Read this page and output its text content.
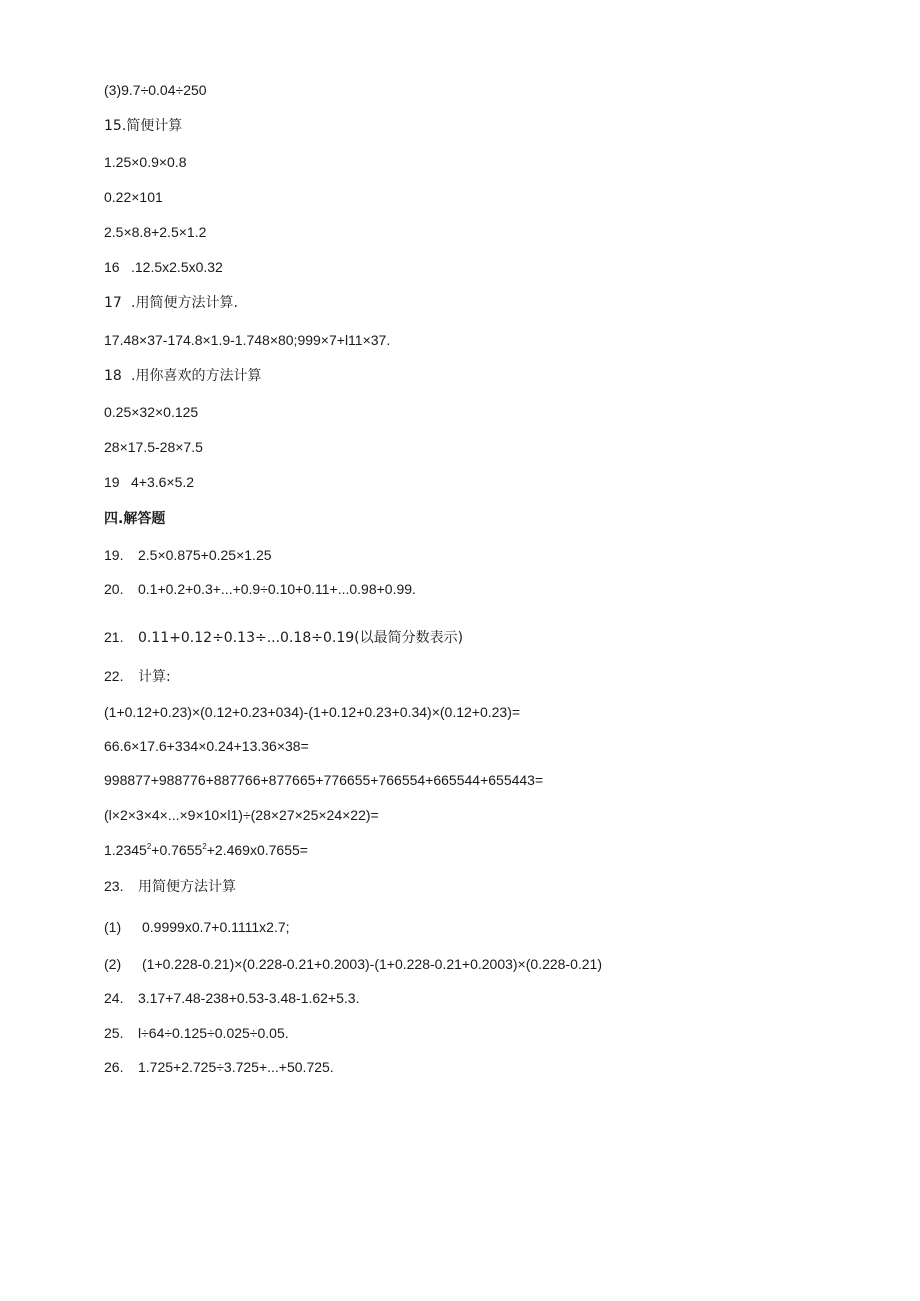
(3)9.7÷0.04÷250
15.简便计算
1.25×0.9×0.8
0.22×101
2.5×8.8+2.5×1.2
16 .12.5x2.5x0.32
17 .用简便方法计算.
17.48×37-174.8×1.9-1.748×80;999×7+l11×37.
18 .用你喜欢的方法计算
0.25×32×0.125
28×17.5-28×7.5
19 4+3.6×5.2
四.解答题
19. 2.5×0.875+0.25×1.25
20. 0.1+0.2+0.3+...+0.9÷0.10+0.11+...0.98+0.99.
21. 0.11+0.12÷0.13÷...0.18÷0.19(以最简分数表示)
22. 计算:
(1+0.12+0.23)×(0.12+0.23+034)-(1+0.12+0.23+0.34)×(0.12+0.23)=
66.6×17.6+334×0.24+13.36×38=
998877+988776+887766+877665+776655+766554+665544+655443=
(l×2×3×4×...×9×10×l1)÷(28×27×25×24×22)=
$1.2345^2+0.7655^2+2.469x0.7655=$
23. 用简便方法计算
(1) 0.9999x0.7+0.1111x2.7;
(2) (1+0.228-0.21)×(0.228-0.21+0.2003)-(1+0.228-0.21+0.2003)×(0.228-0.21)
24. 3.17+7.48-238+0.53-3.48-1.62+5.3.
25. l÷64÷0.125÷0.025÷0.05.
26. 1.725+2.725÷3.725+...+50.725.
